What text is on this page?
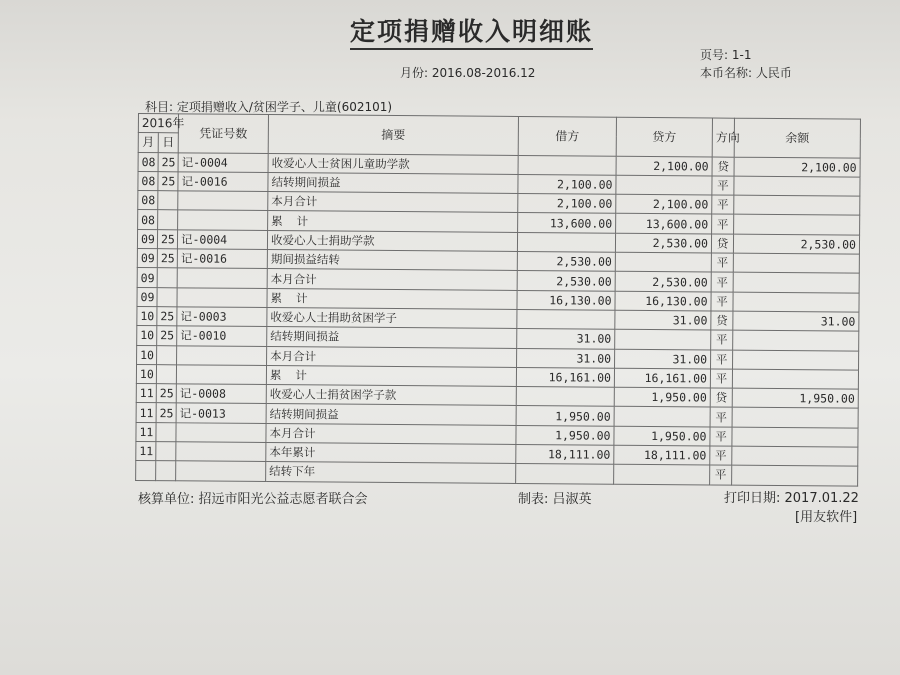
定项捐赠收入明细账
页号: 1-1
月份: 2016.08-2016.12	本币名称: 人民币
科目: 定项捐赠收入/贫困学子、儿童(602101)
2016年		凭证号数	摘要	借方	贷方	方向	余额
月	日						
08	25	记-0004	收爱心人士贫困儿童助学款		2,100.00	贷	2,100.00
08	25	记-0016	结转期间损益	2,100.00		平	
08			本月合计	2,100.00	2,100.00	平	
08			累计	13,600.00	13,600.00	平	
09	25	记-0004	收爱心人士捐助学款		2,530.00	贷	2,530.00
09	25	记-0016	期间损益结转	2,530.00		平	
09			本月合计	2,530.00	2,530.00	平	
09			累计	16,130.00	16,130.00	平	
10	25	记-0003	收爱心人士捐助贫困学子		31.00	贷	31.00
10	25	记-0010	结转期间损益	31.00		平	
10			本月合计	31.00	31.00	平	
10			累计	16,161.00	16,161.00	平	
11	25	记-0008	收爱心人士捐贫困学子款		1,950.00	贷	1,950.00
11	25	记-0013	结转期间损益	1,950.00		平	
11			本月合计	1,950.00	1,950.00	平	
11			本年累计	18,111.00	18,111.00	平	
			结转下年			平	
核算单位: 招远市阳光公益志愿者联合会	制表: 吕淑英	打印日期: 2017.01.22
[用友软件]
